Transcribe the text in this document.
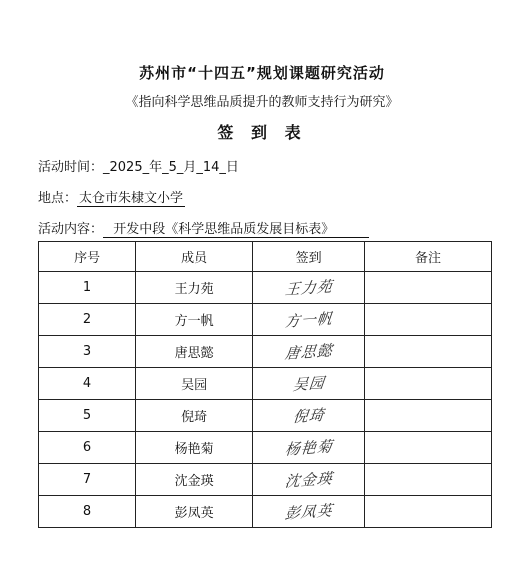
苏州市“十四五”规划课题研究活动
《指向科学思维品质提升的教师支持行为研究》
签 到 表
活动时间：_2025_年_5_月_14_日
地点： 太仓市朱棣文小学
活动内容： 开发中段《科学思维品质发展目标表》
序号	成员	签到	备注
1	王力苑	王力苑	
2	方一帆	方一帆	
3	唐思懿	唐思懿	
4	吴园	吴园	
5	倪琦	倪琦	
6	杨艳菊	杨艳菊	
7	沈金瑛	沈金瑛	
8	彭凤英	彭凤英	
